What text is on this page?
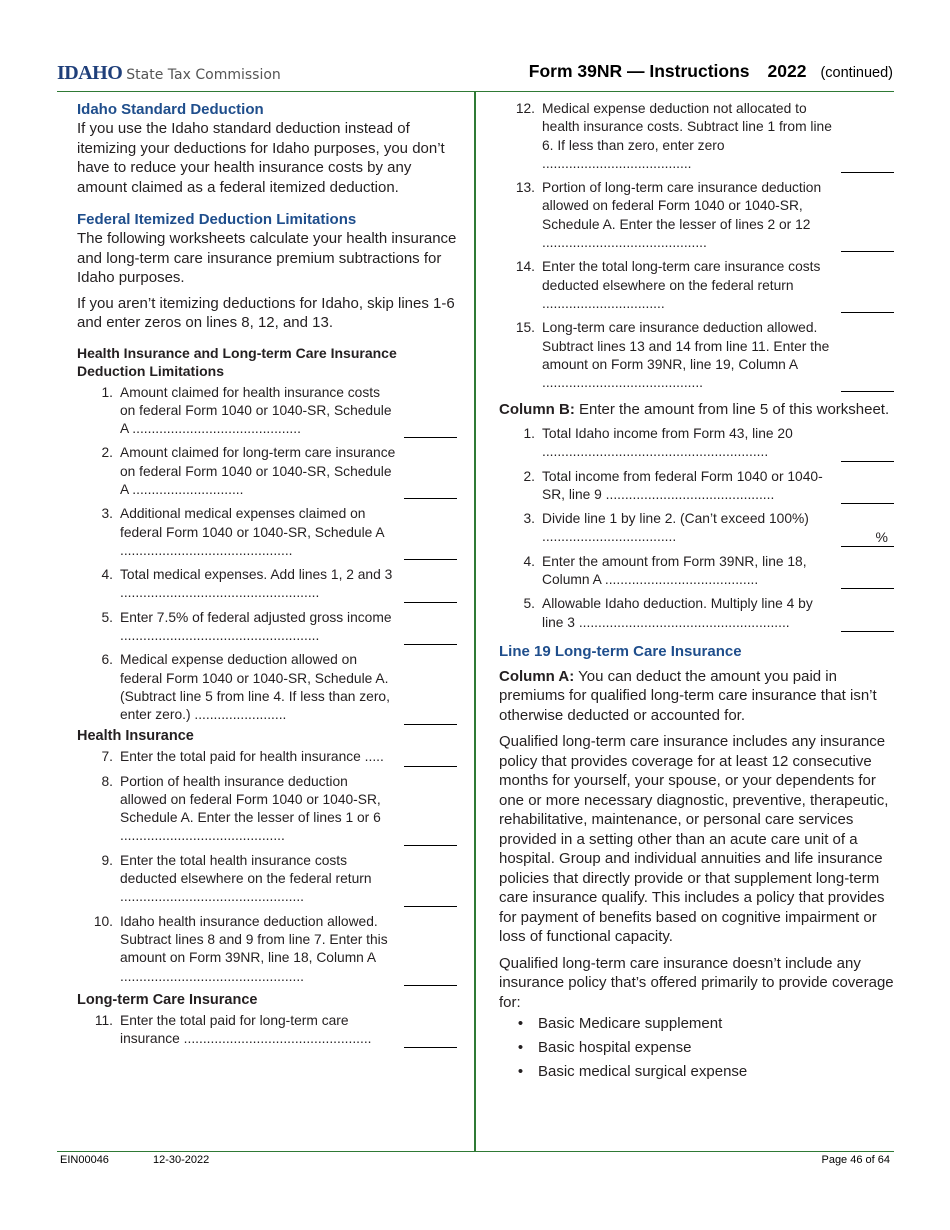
IDAHO State Tax Commission	Form 39NR — Instructions 2022 (continued)
Idaho Standard Deduction

If you use the Idaho standard deduction instead of itemizing your deductions for Idaho purposes, you don’t have to reduce your health insurance costs by any amount claimed as a federal itemized deduction.

Federal Itemized Deduction Limitations

The following worksheets calculate your health insurance and long-term care insurance premium subtractions for Idaho purposes.

If you aren’t itemizing deductions for Idaho, skip lines 1-6 and enter zeros on lines 8, 12, and 13.

Health Insurance and Long-term Care Insurance Deduction Limitations
1. Amount claimed for health insurance costs on federal Form 1040 or 1040-SR, Schedule A ............................................
2. Amount claimed for long-term care insurance on federal Form 1040 or 1040-SR, Schedule A .............................
3. Additional medical expenses claimed on federal Form 1040 or 1040-SR, Schedule A .............................................
4. Total medical expenses. Add lines 1, 2 and 3 ....................................................
5. Enter 7.5% of federal adjusted gross income ....................................................
6. Medical expense deduction allowed on federal Form 1040 or 1040-SR, Schedule A. (Subtract line 5 from line 4. If less than zero, enter zero.) ........................
Health Insurance
7. Enter the total paid for health insurance .....
8. Portion of health insurance deduction allowed on federal Form 1040 or 1040-SR, Schedule A. Enter the lesser of lines 1 or 6 ...........................................
9. Enter the total health insurance costs deducted elsewhere on the federal return ................................................
10. Idaho health insurance deduction allowed. Subtract lines 8 and 9 from line 7. Enter this amount on Form 39NR, line 18, Column A ................................................
Long-term Care Insurance
11. Enter the total paid for long-term care insurance .................................................
12. Medical expense deduction not allocated to health insurance costs. Subtract line 1 from line 6. If less than zero, enter zero .......................................
13. Portion of long-term care insurance deduction allowed on federal Form 1040 or 1040-SR, Schedule A. Enter the lesser of lines 2 or 12 ...........................................
14. Enter the total long-term care insurance costs deducted elsewhere on the federal return ................................
15. Long-term care insurance deduction allowed. Subtract lines 13 and 14 from line 11. Enter the amount on Form 39NR, line 19, Column A ..........................................

Column B: Enter the amount from line 5 of this worksheet.

1. Total Idaho income from Form 43, line 20 ...........................................................
2. Total income from federal Form 1040 or 1040-SR, line 9 ............................................
3. Divide line 1 by line 2. (Can’t exceed 100%) ...................................	%
4. Enter the amount from Form 39NR, line 18, Column A ........................................
5. Allowable Idaho deduction. Multiply line 4 by line 3 .......................................................
Line 19 Long-term Care Insurance

Column A: You can deduct the amount you paid in premiums for qualified long-term care insurance that isn’t otherwise deducted or accounted for.

Qualified long-term care insurance includes any insurance policy that provides coverage for at least 12 consecutive months for yourself, your spouse, or your dependents for one or more necessary diagnostic, preventive, therapeutic, rehabilitative, maintenance, or personal care services provided in a setting other than an acute care unit of a hospital. Group and individual annuities and life insurance policies that directly provide or that supplement long-term care insurance qualify. This includes a policy that provides for payment of benefits based on cognitive impairment or loss of functional capacity.

Qualified long-term care insurance doesn’t include any insurance policy that’s offered primarily to provide coverage for:

• Basic Medicare supplement
• Basic hospital expense
• Basic medical surgical expense
EIN00046	12-30-2022	Page 46 of 64
